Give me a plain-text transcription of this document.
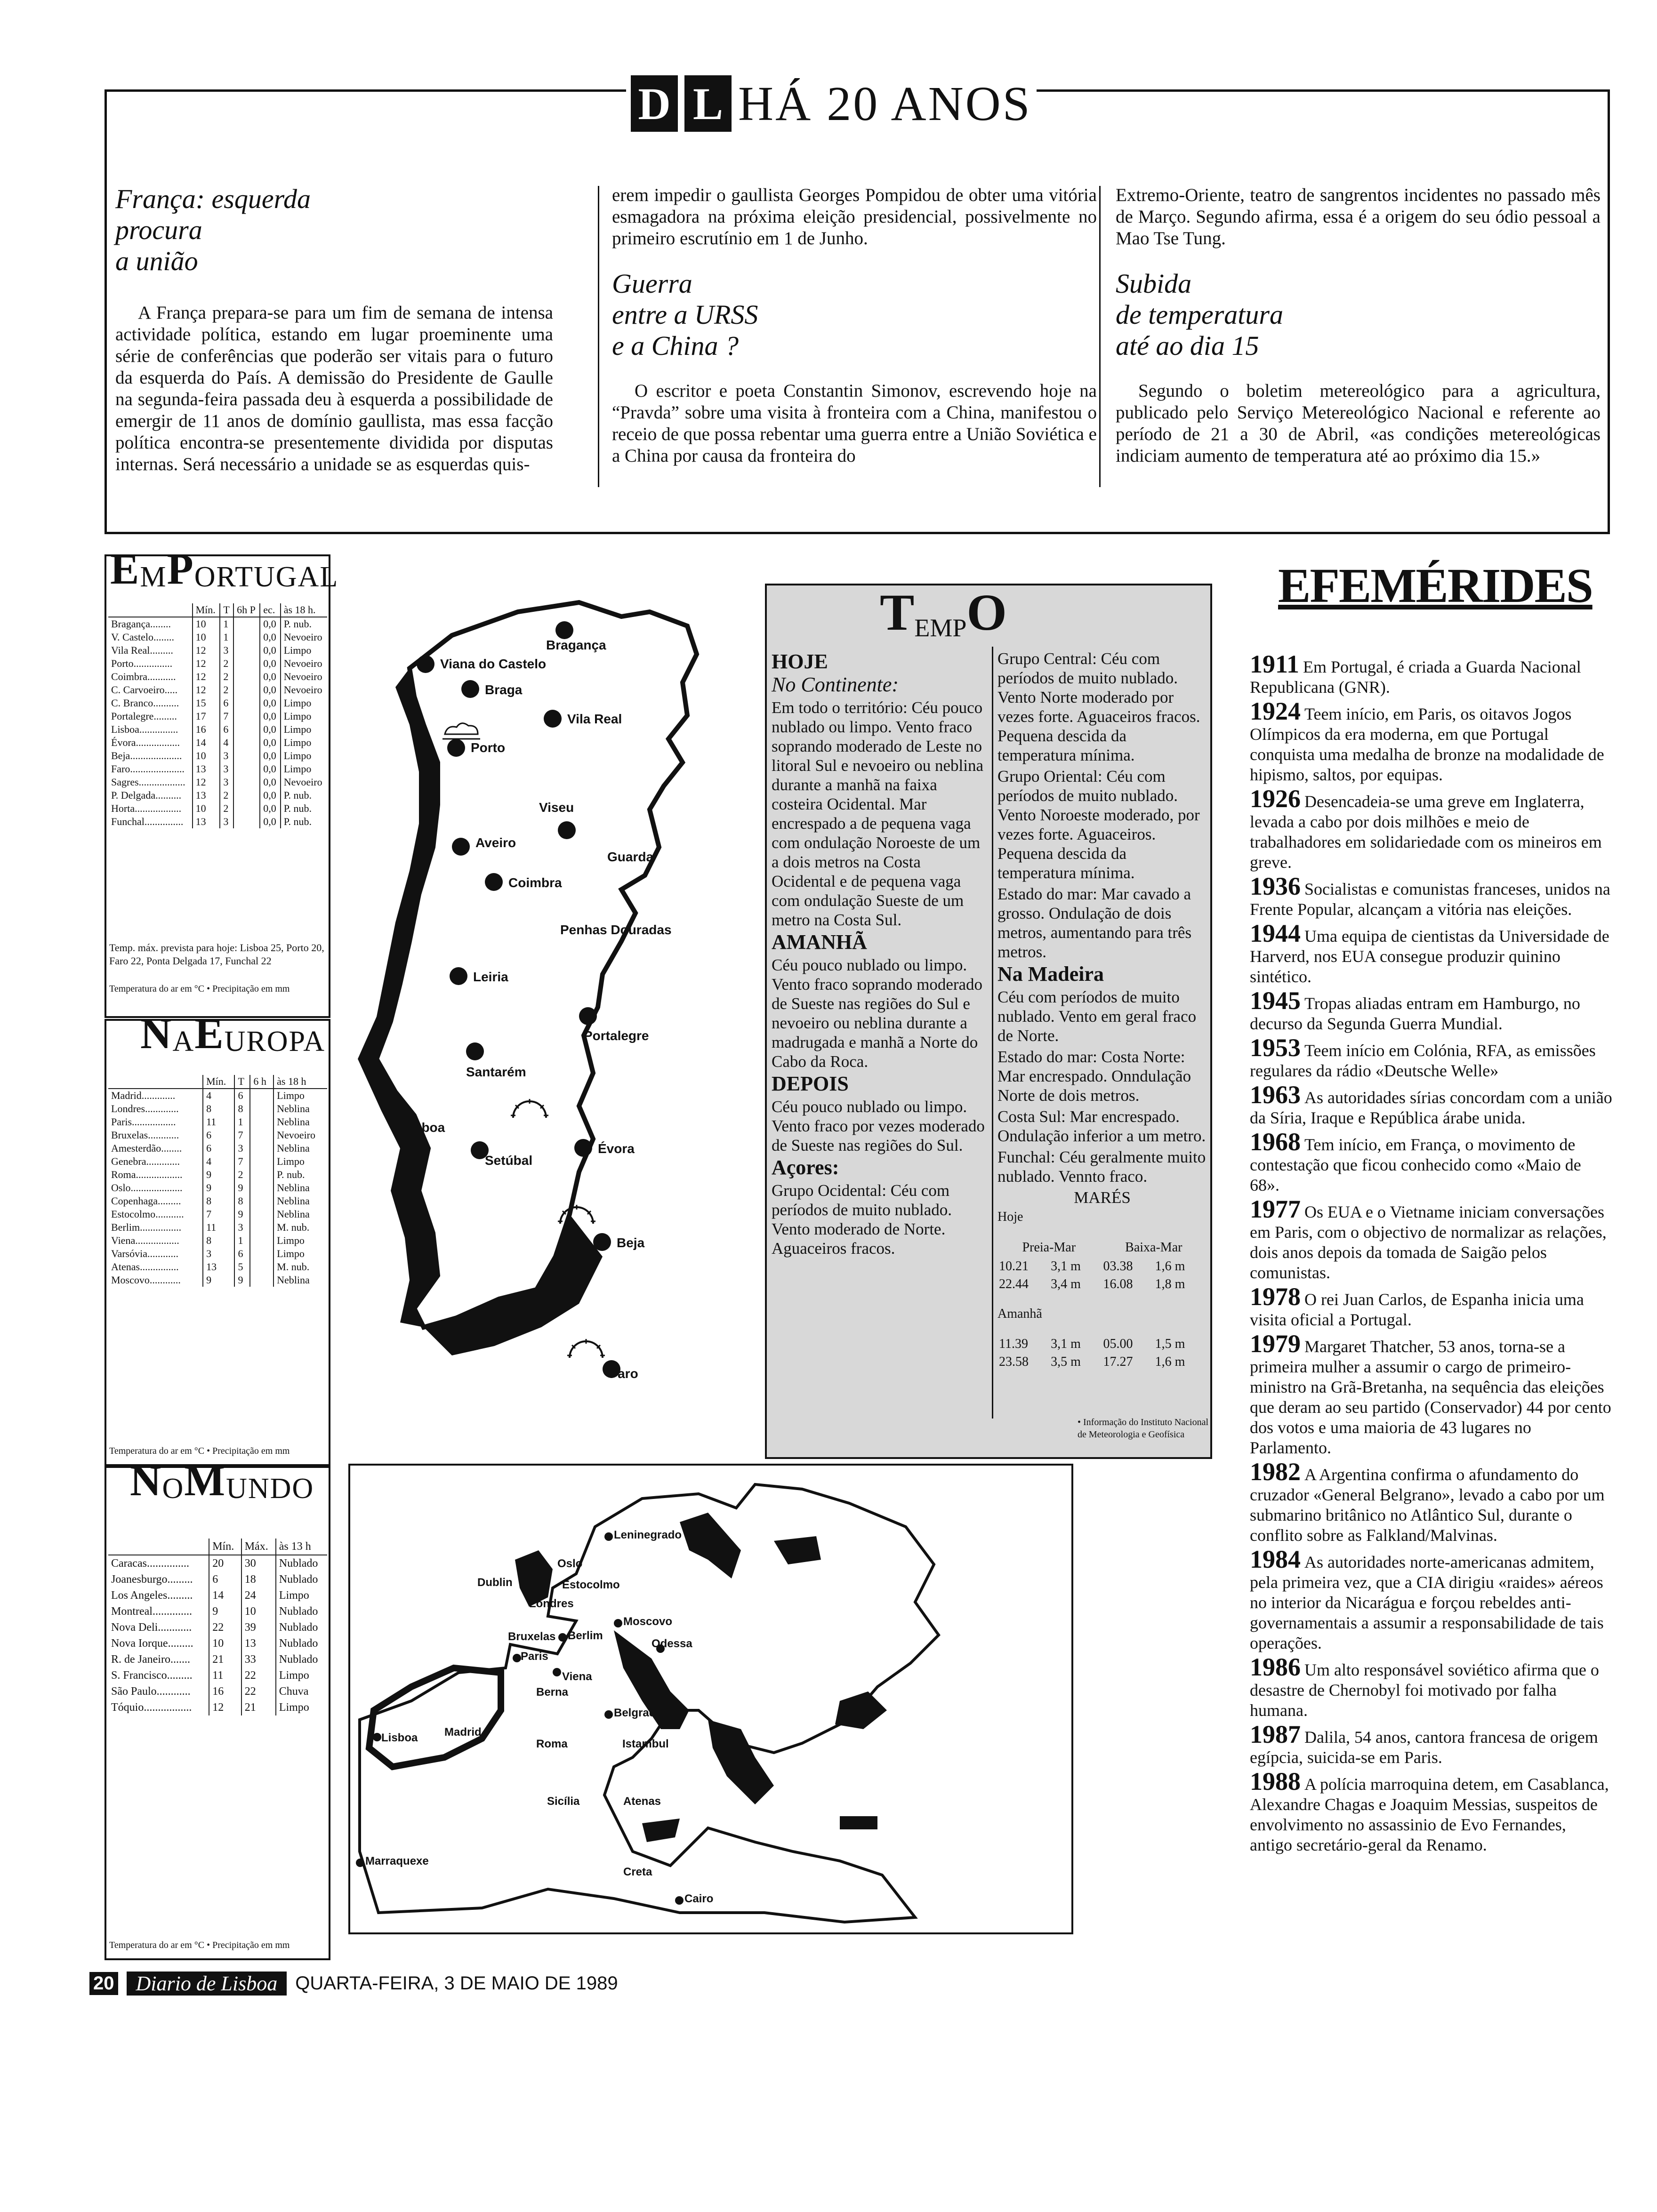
D L HÁ 20 ANOS
França: esquerda
procura
a união

A França prepara-se para um fim de semana de intensa actividade política, estando em lugar proeminente uma série de conferências que poderão ser vitais para o futuro da esquerda do País. A demissão do Presidente de Gaulle na segunda-feira passada deu à esquerda a possibilidade de emergir de 11 anos de domínio gaullista, mas essa facção política encontra-se presentemente dividida por disputas internas. Será necessário a unidade se as esquerdas quis-

erem impedir o gaullista Georges Pompidou de obter uma vitória esmagadora na próxima eleição presidencial, possivelmente no primeiro escrutínio em 1 de Junho.

Guerra
entre a URSS
e a China ?

O escritor e poeta Constantin Simonov, escrevendo hoje na “Pravda” sobre uma visita à fronteira com a China, manifestou o receio de que possa rebentar uma guerra entre a União Soviética e a China por causa da fronteira do

Extremo-Oriente, teatro de sangrentos incidentes no passado mês de Março. Segundo afirma, essa é a origem do seu ódio pessoal a Mao Tse Tung.

Subida
de temperatura
até ao dia 15

Segundo o boletim metereológico para a agricultura, publicado pelo Serviço Metereológico Nacional e referente ao período de 21 a 30 de Abril, «as condições metereológicas indiciam aumento de temperatura até ao próximo dia 15.»

E M P ORTUGAL
	Mín.	T	6h P	ec.	às 18 h.
Bragança........	10	1		0,0	P. nub.
V. Castelo........	10	1		0,0	Nevoeiro
Vila Real.........	12	3		0,0	Limpo
Porto...............	12	2		0,0	Nevoeiro
Coimbra...........	12	2		0,0	Nevoeiro
C. Carvoeiro.....	12	2		0,0	Nevoeiro
C. Branco..........	15	6		0,0	Limpo
Portalegre.........	17	7		0,0	Limpo
Lisboa...............	16	6		0,0	Limpo
Évora.................	14	4		0,0	Limpo
Beja....................	10	3		0,0	Limpo
Faro.....................	13	3		0,0	Limpo
Sagres..................	12	3		0,0	Nevoeiro
P. Delgada..........	13	2		0,0	P. nub.
Horta..................	10	2		0,0	P. nub.
Funchal...............	13	3		0,0	P. nub.
Temp. máx. prevista para hoje: Lisboa 25, Porto 20, Faro 22, Ponta Delgada 17, Funchal 22
Temperatura do ar em °C • Precipitação em mm
N A E UROPA
	Mín.	T	6 h	às 18 h
Madrid.............	4	6		Limpo
Londres.............	8	8		Neblina
Paris.................	11	1		Neblina
Bruxelas............	6	7		Nevoeiro
Amesterdão........	6	3		Neblina
Genebra.............	4	7		Limpo
Roma..................	9	2		P. nub.
Oslo....................	9	9		Neblina
Copenhaga.........	8	8		Neblina
Estocolmo...........	7	9		Neblina
Berlim................	11	3		M. nub.
Viena.................	8	1		Limpo
Varsóvia............	3	6		Limpo
Atenas...............	13	5		M. nub.
Moscovo............	9	9		Neblina
Temperatura do ar em °C • Precipitação em mm
N O M UNDO
	Mín.	Máx.	às 13 h
Caracas...............	20	30	Nublado
Joanesburgo.........	6	18	Nublado
Los Angeles.........	14	24	Limpo
Montreal..............	9	10	Nublado
Nova Deli............	22	39	Nublado
Nova Iorque.........	10	13	Nublado
R. de Janeiro.......	21	33	Nublado
S. Francisco.........	11	22	Limpo
São Paulo............	16	22	Chuva
Tóquio.................	12	21	Limpo
Temperatura do ar em °C • Precipitação em mm
Bragança
Viana do Castelo
Braga
Vila Real
Porto
Viseu
Aveiro
Guarda
Coimbra
Penhas Douradas
Leiria
Portalegre
Santarém
Lisboa
Setúbal
Évora
Beja
Faro
T EMP O
HOJE
No Continente:

Em todo o território: Céu pouco nublado ou limpo. Vento fraco soprando moderado de Leste no litoral Sul e nevoeiro ou neblina durante a manhã na faixa costeira Ocidental. Mar encrespado a de pequena vaga com ondulação Noroeste de um a dois metros na Costa Ocidental e de pequena vaga com ondulação Sueste de um metro na Costa Sul.

AMANHÃ

Céu pouco nublado ou limpo. Vento fraco soprando moderado de Sueste nas regiões do Sul e nevoeiro ou neblina durante a madrugada e manhã a Norte do Cabo da Roca.

DEPOIS

Céu pouco nublado ou limpo. Vento fraco por vezes moderado de Sueste nas regiões do Sul.

Açores:

Grupo Ocidental: Céu com períodos de muito nublado. Vento moderado de Norte. Aguaceiros fracos.

Grupo Central: Céu com períodos de muito nublado. Vento Norte moderado por vezes forte. Aguaceiros fracos. Pequena descida da temperatura mínima.

Grupo Oriental: Céu com períodos de muito nublado. Vento Noroeste moderado, por vezes forte. Aguaceiros. Pequena descida da temperatura mínima.

Estado do mar: Mar cavado a grosso. Ondulação de dois metros, aumentando para três metros.

Na Madeira

Céu com períodos de muito nublado. Vento em geral fraco de Norte.

Estado do mar: Costa Norte: Mar encrespado. Onndulação Norte de dois metros.

Costa Sul: Mar encrespado. Ondulação inferior a um metro.

Funchal: Céu geralmente muito nublado. Vennto fraco.

MARÉS
Hoje
Preia-Mar	Baixa-Mar
10.21	3,1 m	03.38	1,6 m
22.44	3,4 m	16.08	1,8 m
Amanhã
11.39	3,1 m	05.00	1,5 m
23.58	3,5 m	17.27	1,6 m
• Informação do Instituto Nacional de Meteorologia e Geofísica
Oslo
Estocolmo
Leninegrado
Dublin
Londres
Moscovo
Bruxelas Berlim
Odessa
Paris
Viena
Berna
Belgrado
Lisboa Madrid
Roma	Istambul
Atenas
Sicília
Marraquexe
Creta
Cairo
EFEMÉRIDES
1911 Em Portugal, é criada a Guarda Nacional Republicana (GNR).
1924 Teem início, em Paris, os oitavos Jogos Olímpicos da era moderna, em que Portugal conquista uma medalha de bronze na modalidade de hipismo, saltos, por equipas.
1926 Desencadeia-se uma greve em Inglaterra, levada a cabo por dois milhões e meio de trabalhadores em solidariedade com os mineiros em greve.
1936 Socialistas e comunistas franceses, unidos na Frente Popular, alcançam a vitória nas eleições.
1944 Uma equipa de cientistas da Universidade de Harverd, nos EUA consegue produzir quinino sintético.
1945 Tropas aliadas entram em Hamburgo, no decurso da Segunda Guerra Mundial.
1953 Teem início em Colónia, RFA, as emissões regulares da rádio «Deutsche Welle»
1963 As autoridades sírias concordam com a união da Síria, Iraque e República árabe unida.
1968 Tem início, em França, o movimento de contestação que ficou conhecido como «Maio de 68».
1977 Os EUA e o Vietname iniciam conversações em Paris, com o objectivo de normalizar as relações, dois anos depois da tomada de Saigão pelos comunistas.
1978 O rei Juan Carlos, de Espanha inicia uma visita oficial a Portugal.
1979 Margaret Thatcher, 53 anos, torna-se a primeira mulher a assumir o cargo de primeiro-ministro na Grã-Bretanha, na sequência das eleições que deram ao seu partido (Conservador) 44 por cento dos votos e uma maioria de 43 lugares no Parlamento.
1982 A Argentina confirma o afundamento do cruzador «General Belgrano», levado a cabo por um submarino britânico no Atlântico Sul, durante o conflito sobre as Falkland/Malvinas.
1984 As autoridades norte-americanas admitem, pela primeira vez, que a CIA dirigiu «raides» aéreos no interior da Nicarágua e forçou rebeldes anti-governamentais a assumir a responsabilidade de tais operações.
1986 Um alto responsável soviético afirma que o desastre de Chernobyl foi motivado por falha humana.
1987 Dalila, 54 anos, cantora francesa de origem egípcia, suicida-se em Paris.
1988 A polícia marroquina detem, em Casablanca, Alexandre Chagas e Joaquim Messias, suspeitos de envolvimento no assassinio de Evo Fernandes, antigo secretário-geral da Renamo.
20	Diario de Lisboa QUARTA-FEIRA, 3 DE MAIO DE 1989
